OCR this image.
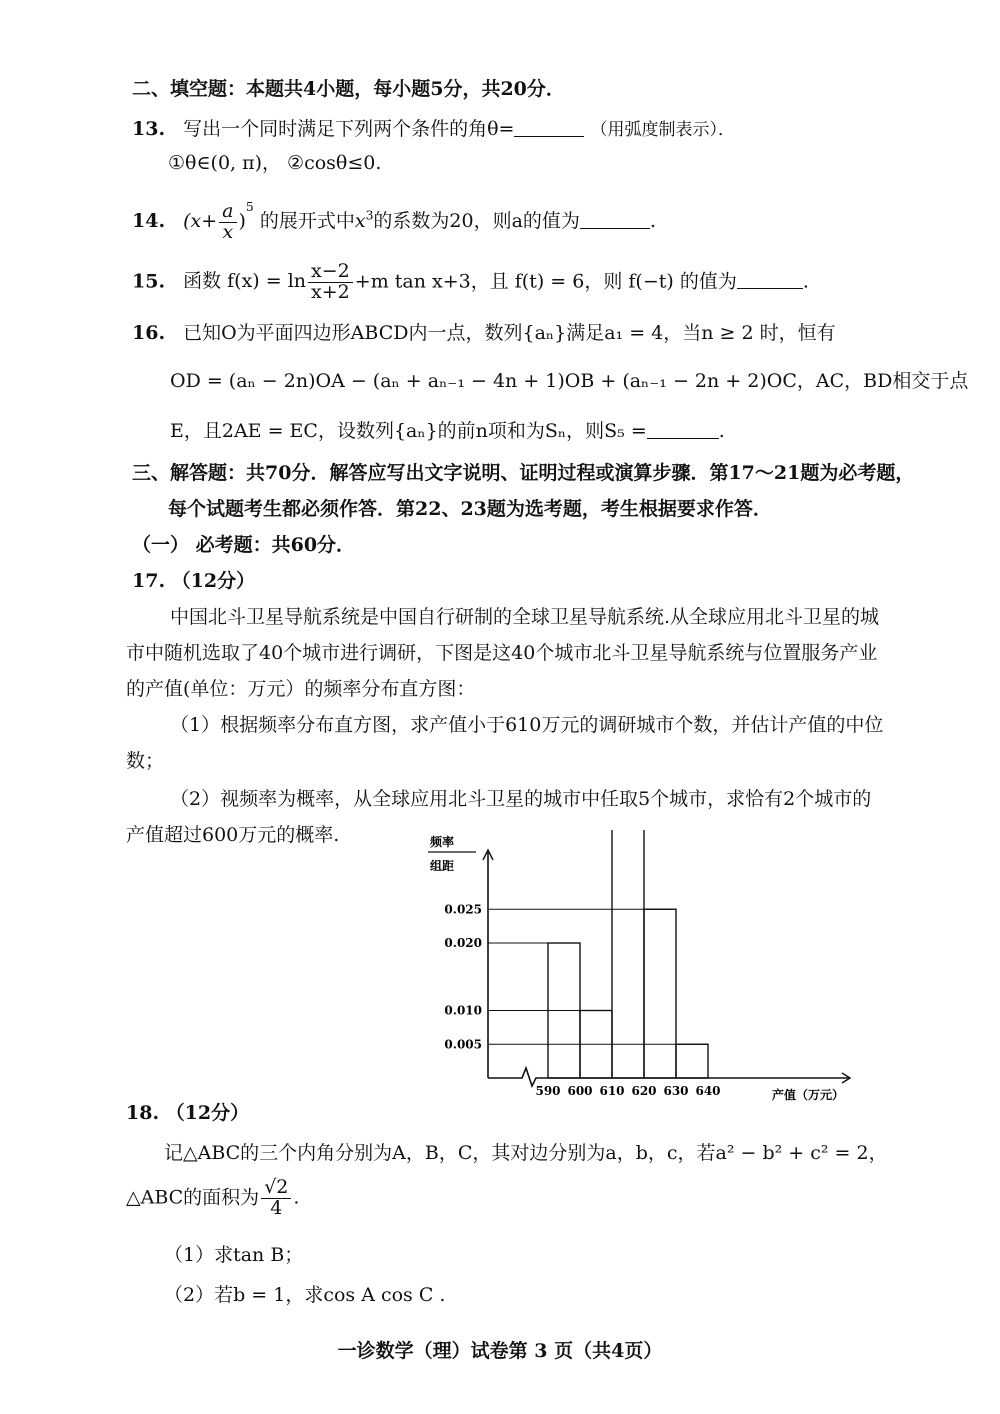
二、填空题：本题共4小题，每小题5分，共20分．
13. 写出一个同时满足下列两个条件的角θ=	（用弧度制表示）．
①θ∈(0, π)， ②cosθ≤0.
14. $(x+ \frac{a}{x} )^5$ 的展开式中$x^3$的系数为20，则a的值为	.
15. 函数 $f(x) = \ln \frac{x-2}{x+2} +m$ tan x+3，且 f(t) = 6，则 f(−t) 的值为	.
16. 已知O为平面四边形ABCD内一点，数列{aₙ}满足a₁ = 4，当n ≥ 2 时，恒有
OD = (aₙ − 2n)OA − (aₙ + aₙ₋₁ − 4n + 1)OB + (aₙ₋₁ − 2n + 2)OC，AC，BD相交于点
E，且2AE = EC，设数列{aₙ}的前n项和为Sₙ，则S₅ =	.
三、解答题：共70分．解答应写出文字说明、证明过程或演算步骤．第17～21题为必考题，
每个试题考生都必须作答．第22、23题为选考题，考生根据要求作答．
（一） 必考题：共60分．
17. （12分）
中国北斗卫星导航系统是中国自行研制的全球卫星导航系统.从全球应用北斗卫星的城
市中随机选取了40个城市进行调研，下图是这40个城市北斗卫星导航系统与位置服务产业
的产值(单位：万元）的频率分布直方图：
（1）根据频率分布直方图，求产值小于610万元的调研城市个数，并估计产值的中位
数；
（2）视频率为概率，从全球应用北斗卫星的城市中任取5个城市，求恰有2个城市的
产值超过600万元的概率.	频率
组距
0.025
0.020
0.010
0.005
590 600 610 620 630 640	产值（万元）
18. （12分）
记△ABC的三个内角分别为A，B，C，其对边分别为a，b，c，若a² − b² + c² = 2，
△ABC的面积为 $\frac{√2}{4}$ .
（1）求tan B；
（2）若b = 1，求cos A cos C .
一诊数学（理）试卷第 3 页（共4页）
